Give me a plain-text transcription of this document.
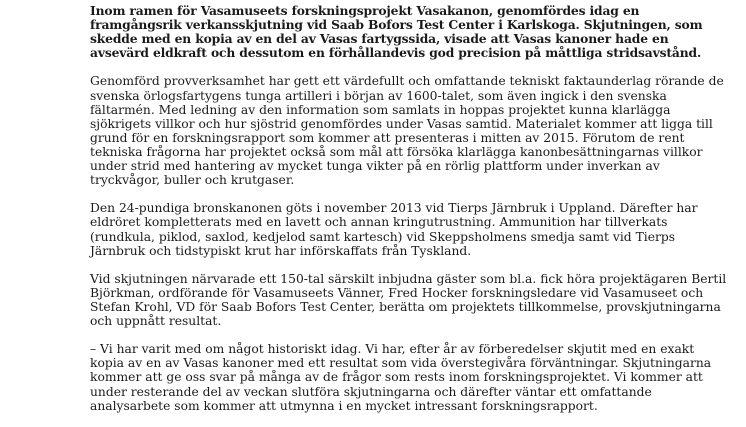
Inom ramen för Vasamuseets forskningsprojekt Vasakanon, genomfördes idag en framgångsrik verkansskjutning vid Saab Bofors Test Center i Karlskoga. Skjutningen, som skedde med en kopia av en del av Vasas fartygssida, visade att Vasas kanoner hade en avsevärd eldkraft och dessutom en förhållandevis god precision på måttliga stridsavstånd.

Genomförd provverksamhet har gett ett värdefullt och omfattande tekniskt faktaunderlag rörande de svenska örlogsfartygens tunga artilleri i början av 1600-talet, som även ingick i den svenska fältarmén. Med ledning av den information som samlats in hoppas projektet kunna klarlägga sjökrigets villkor och hur sjöstrid genomfördes under Vasas samtid. Materialet kommer att ligga till grund för en forskningsrapport som kommer att presenteras i mitten av 2015. Förutom de rent tekniska frågorna har projektet också som mål att försöka klarlägga kanonbesättningarnas villkor under strid med hantering av mycket tunga vikter på en rörlig plattform under inverkan av tryckvågor, buller och krutgaser.

Den 24-pundiga bronskanonen göts i november 2013 vid Tierps Järnbruk i Uppland. Därefter har eldröret kompletterats med en lavett och annan kringutrustning. Ammunition har tillverkats (rundkula, piklod, saxlod, kedjelod samt kartesch) vid Skeppsholmens smedja samt vid Tierps Järnbruk och tidstypiskt krut har införskaffats från Tyskland.

Vid skjutningen närvarade ett 150-tal särskilt inbjudna gäster som bl.a. fick höra projektägaren Bertil Björkman, ordförande för Vasamuseets Vänner, Fred Hocker forskningsledare vid Vasamuseet och Stefan Krohl, VD för Saab Bofors Test Center, berätta om projektets tillkommelse, provskjutningarna och uppnått resultat.

– Vi har varit med om något historiskt idag. Vi har, efter år av förberedelser skjutit med en exakt kopia av en av Vasas kanoner med ett resultat som vida överstegivåra förväntningar. Skjutningarna kommer att ge oss svar på många av de frågor som rests inom forskningsprojektet. Vi kommer att under resterande del av veckan slutföra skjutningarna och därefter väntar ett omfattande analysarbete som kommer att utmynna i en mycket intressant forskningsrapport.
